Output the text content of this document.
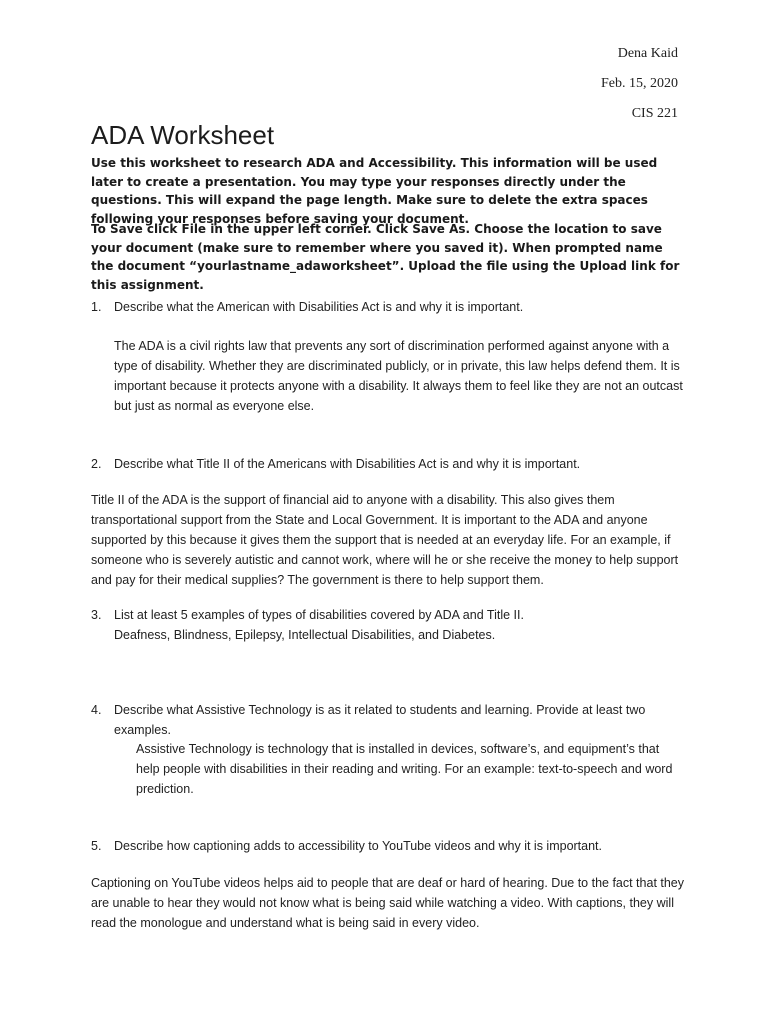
Dena Kaid
Feb. 15, 2020
CIS 221
ADA Worksheet
Use this worksheet to research ADA and Accessibility. This information will be used later to create a presentation. You may type your responses directly under the questions. This will expand the page length. Make sure to delete the extra spaces following your responses before saving your document.
To Save click File in the upper left corner. Click Save As. Choose the location to save your document (make sure to remember where you saved it). When prompted name the document “yourlastname_adaworksheet”. Upload the file using the Upload link for this assignment.
1. Describe what the American with Disabilities Act is and why it is important.
The ADA is a civil rights law that prevents any sort of discrimination performed against anyone with a type of disability. Whether they are discriminated publicly, or in private, this law helps defend them. It is important because it protects anyone with a disability. It always them to feel like they are not an outcast but just as normal as everyone else.
2. Describe what Title II of the Americans with Disabilities Act is and why it is important.
Title II of the ADA is the support of financial aid to anyone with a disability. This also gives them transportational support from the State and Local Government. It is important to the ADA and anyone supported by this because it gives them the support that is needed at an everyday life. For an example, if someone who is severely autistic and cannot work, where will he or she receive the money to help support and pay for their medical supplies? The government is there to help support them.
3. List at least 5 examples of types of disabilities covered by ADA and Title II.
Deafness, Blindness, Epilepsy, Intellectual Disabilities, and Diabetes.
4. Describe what Assistive Technology is as it related to students and learning. Provide at least two examples.
Assistive Technology is technology that is installed in devices, software’s, and equipment’s that help people with disabilities in their reading and writing. For an example: text-to-speech and word prediction.
5. Describe how captioning adds to accessibility to YouTube videos and why it is important.
Captioning on YouTube videos helps aid to people that are deaf or hard of hearing. Due to the fact that they are unable to hear they would not know what is being said while watching a video. With captions, they will read the monologue and understand what is being said in every video.
